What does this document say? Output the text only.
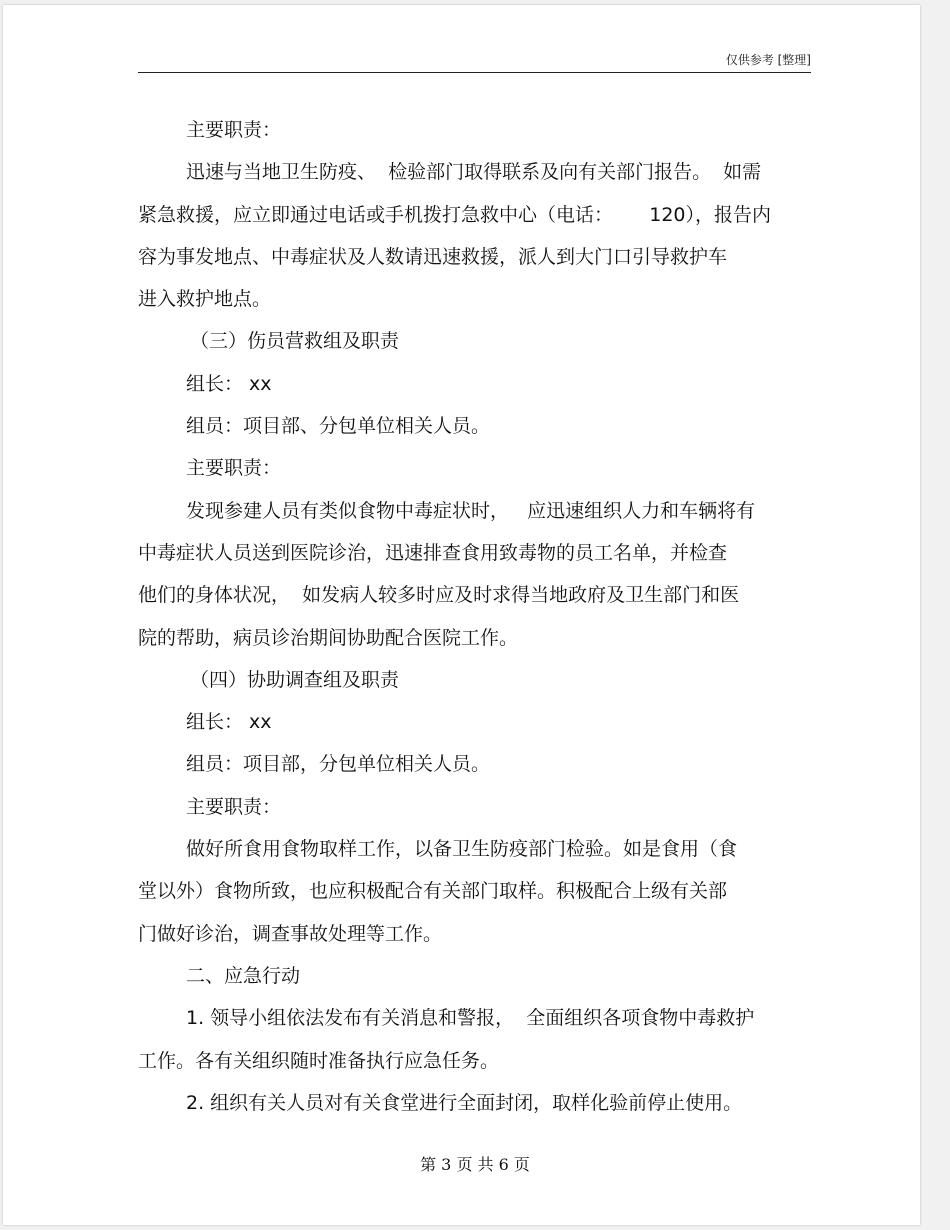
仅供参考 [整理]
主要职责：
迅速与当地卫生防疫、  检验部门取得联系及向有关部门报告。  如需
紧急救援，应立即通过电话或手机拨打急救中心（电话：      120），报告内
容为事发地点、中毒症状及人数请迅速救援，派人到大门口引导救护车
进入救护地点。
（三）伤员营救组及职责
组长： xx
组员：项目部、分包单位相关人员。
主要职责：
发现参建人员有类似食物中毒症状时，   应迅速组织人力和车辆将有
中毒症状人员送到医院诊治，迅速排查食用致毒物的员工名单，并检查
他们的身体状况，  如发病人较多时应及时求得当地政府及卫生部门和医
院的帮助，病员诊治期间协助配合医院工作。
（四）协助调查组及职责
组长： xx
组员：项目部，分包单位相关人员。
主要职责：
做好所食用食物取样工作，以备卫生防疫部门检验。如是食用（食
堂以外）食物所致，也应积极配合有关部门取样。积极配合上级有关部
门做好诊治，调查事故处理等工作。
二、应急行动
1. 领导小组依法发布有关消息和警报，  全面组织各项食物中毒救护
工作。各有关组织随时准备执行应急任务。
2. 组织有关人员对有关食堂进行全面封闭，取样化验前停止使用。
第 3 页 共 6 页
